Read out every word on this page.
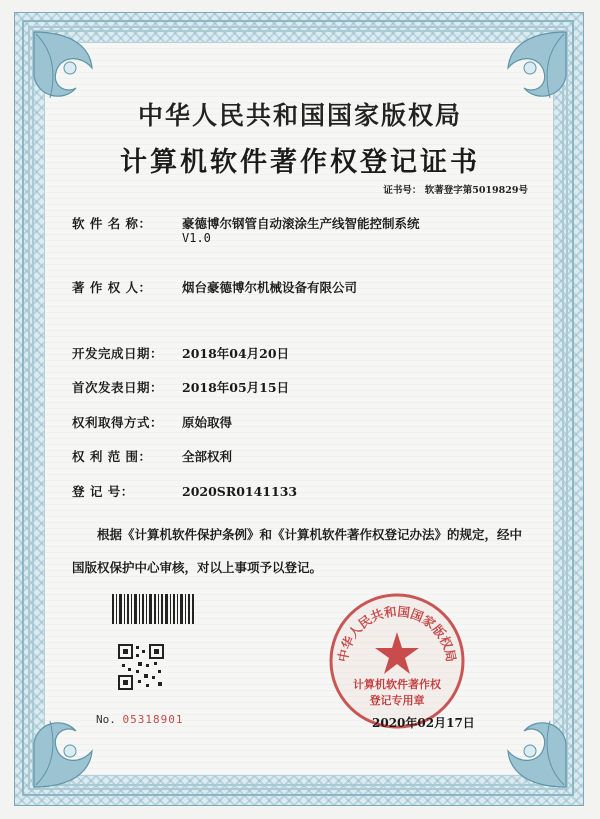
中华人民共和国国家版权局
计算机软件著作权登记证书
证书号： 软著登字第5019829号
软 件 名 称： 豪德博尔钢管自动滚涂生产线智能控制系统
V1.0
著 作 权 人： 烟台豪德博尔机械设备有限公司
开发完成日期： 2018年04月20日
首次发表日期： 2018年05月15日
权利取得方式： 原始取得
权 利 范 围： 全部权利
登 记 号：	2020SR0141133
根据《计算机软件保护条例》和《计算机软件著作权登记办法》的规定，经中国版权保护中心审核，对以上事项予以登记。
No. 05318901
中华人民共和国国家版权局
计算机软件著作权
登记专用章
2020年02月17日
